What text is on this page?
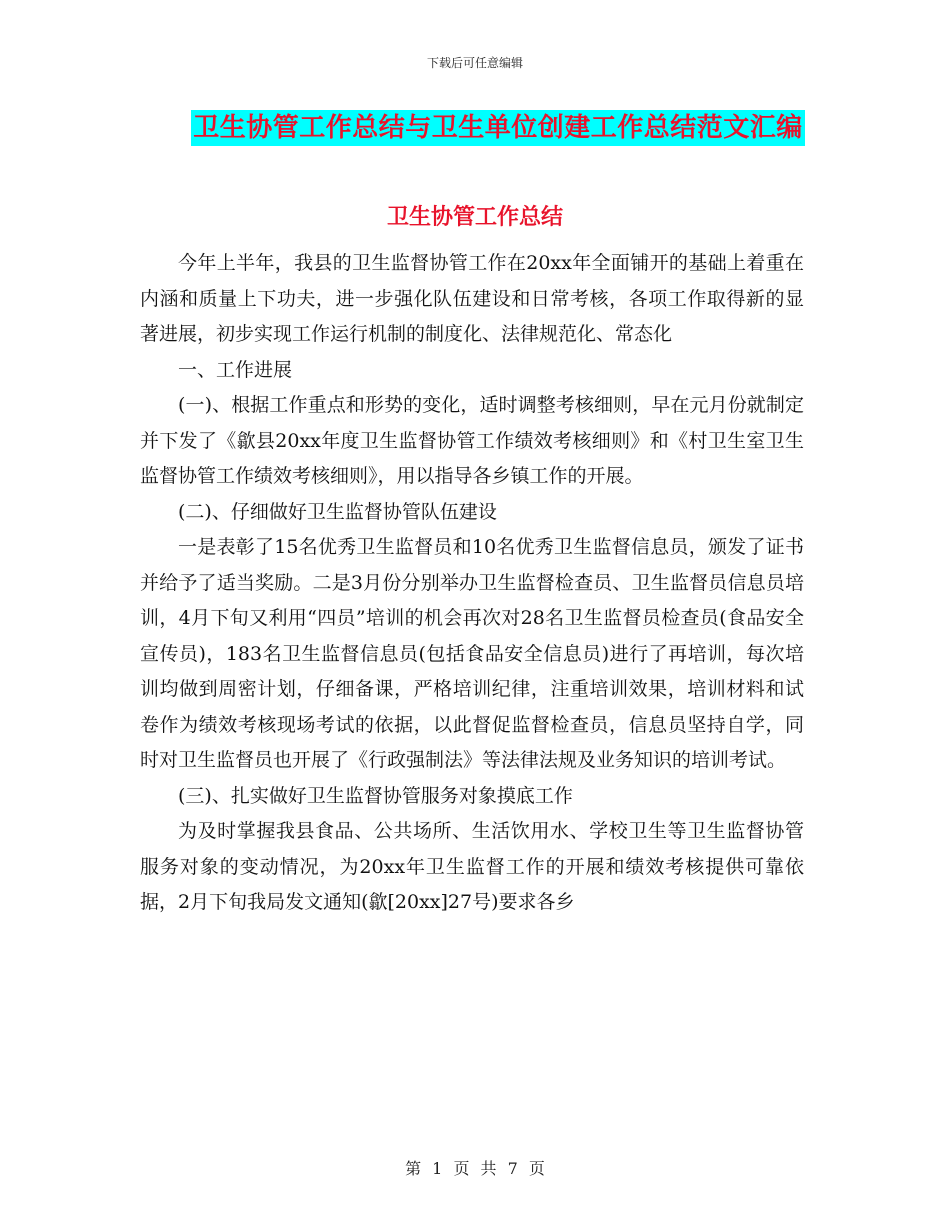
下载后可任意编辑
卫生协管工作总结与卫生单位创建工作总结范文汇编
卫生协管工作总结

今年上半年，我县的卫生监督协管工作在20xx年全面铺开的基础上着重在内涵和质量上下功夫，进一步强化队伍建设和日常考核，各项工作取得新的显著进展，初步实现工作运行机制的制度化、法律规范化、常态化

一、工作进展

(一)、根据工作重点和形势的变化，适时调整考核细则，早在元月份就制定并下发了《歙县20xx年度卫生监督协管工作绩效考核细则》和《村卫生室卫生监督协管工作绩效考核细则》，用以指导各乡镇工作的开展。

(二)、仔细做好卫生监督协管队伍建设

一是表彰了15名优秀卫生监督员和10名优秀卫生监督信息员，颁发了证书并给予了适当奖励。二是3月份分别举办卫生监督检查员、卫生监督员信息员培训，4月下旬又利用“四员”培训的机会再次对28名卫生监督员检查员(食品安全宣传员)，183名卫生监督信息员(包括食品安全信息员)进行了再培训，每次培训均做到周密计划，仔细备课，严格培训纪律，注重培训效果，培训材料和试卷作为绩效考核现场考试的依据，以此督促监督检查员，信息员坚持自学，同时对卫生监督员也开展了《行政强制法》等法律法规及业务知识的培训考试。

(三)、扎实做好卫生监督协管服务对象摸底工作

为及时掌握我县食品、公共场所、生活饮用水、学校卫生等卫生监督协管服务对象的变动情况，为20xx年卫生监督工作的开展和绩效考核提供可靠依据，2月下旬我局发文通知(歙[20xx]27号)要求各乡

第 1 页 共 7 页
